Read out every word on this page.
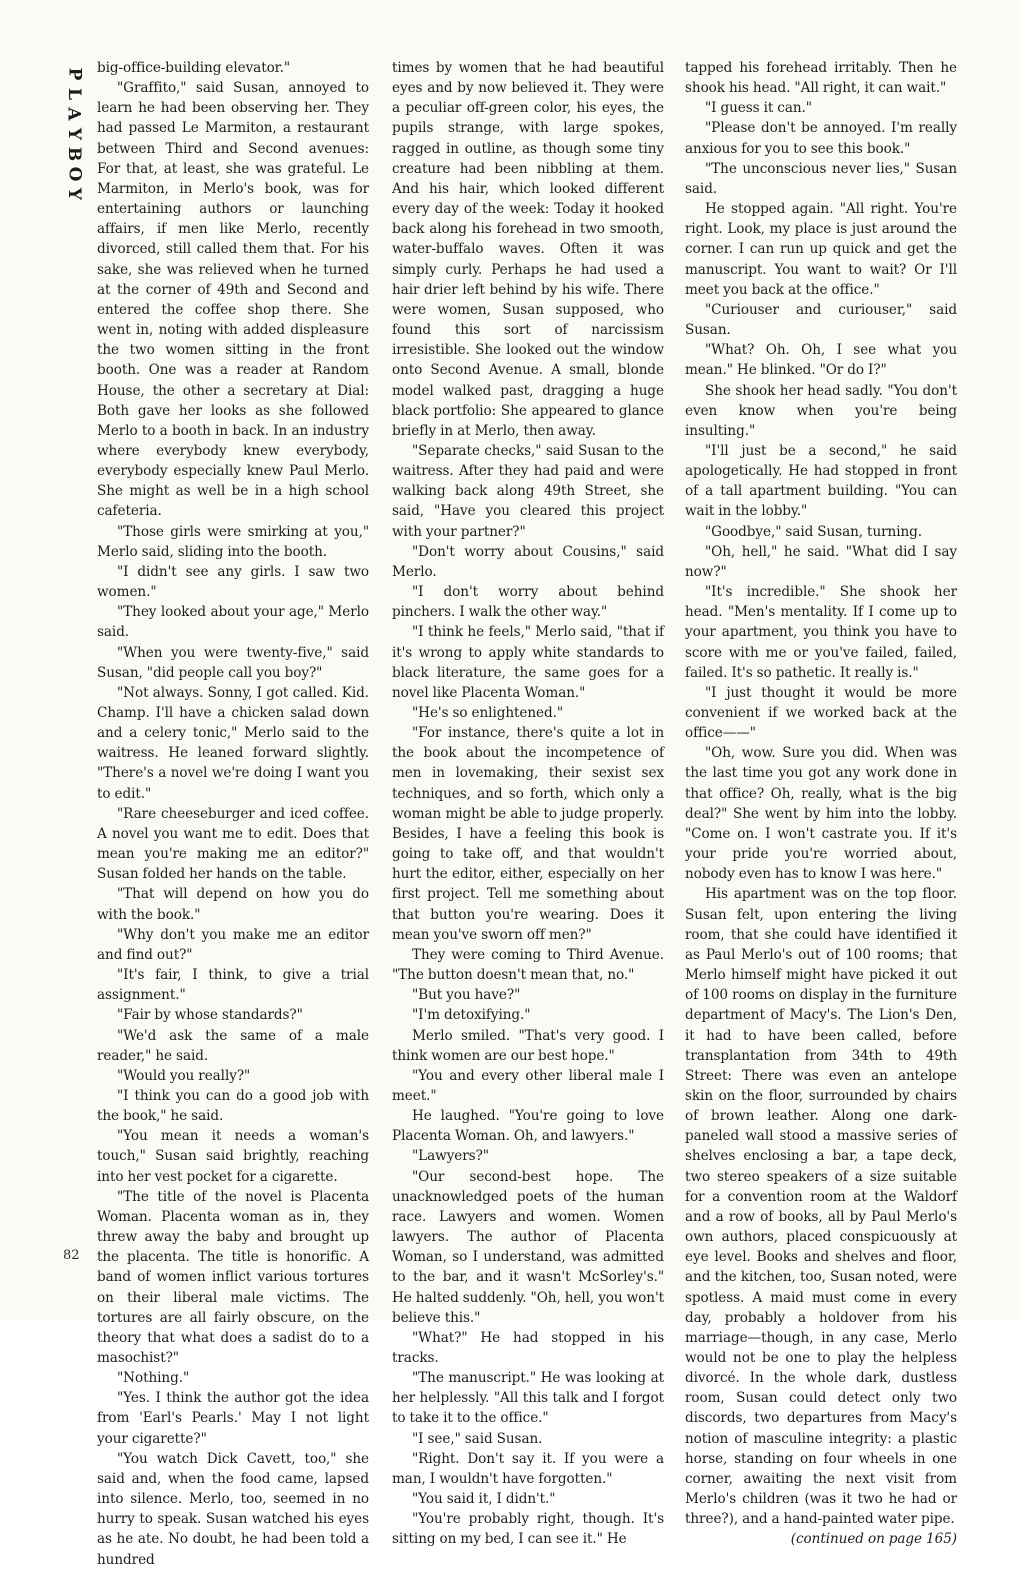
P
L
A
Y
B
O
Y
82

big-office-building elevator."

"Graffito," said Susan, annoyed to learn he had been observing her. They had passed Le Marmiton, a restaurant between Third and Second avenues: For that, at least, she was grateful. Le Marmiton, in Merlo's book, was for entertaining authors or launching affairs, if men like Merlo, recently divorced, still called them that. For his sake, she was relieved when he turned at the corner of 49th and Second and entered the coffee shop there. She went in, noting with added displeasure the two women sitting in the front booth. One was a reader at Random House, the other a secretary at Dial: Both gave her looks as she followed Merlo to a booth in back. In an industry where everybody knew everybody, everybody especially knew Paul Merlo. She might as well be in a high school cafeteria.

"Those girls were smirking at you," Merlo said, sliding into the booth.

"I didn't see any girls. I saw two women."

"They looked about your age," Merlo said.

"When you were twenty-five," said Susan, "did people call you boy?"

"Not always. Sonny, I got called. Kid. Champ. I'll have a chicken salad down and a celery tonic," Merlo said to the waitress. He leaned forward slightly. "There's a novel we're doing I want you to edit."

"Rare cheeseburger and iced coffee. A novel you want me to edit. Does that mean you're making me an editor?" Susan folded her hands on the table.

"That will depend on how you do with the book."

"Why don't you make me an editor and find out?"

"It's fair, I think, to give a trial assignment."

"Fair by whose standards?"

"We'd ask the same of a male reader," he said.

"Would you really?"

"I think you can do a good job with the book," he said.

"You mean it needs a woman's touch," Susan said brightly, reaching into her vest pocket for a cigarette.

"The title of the novel is Placenta Woman. Placenta woman as in, they threw away the baby and brought up the placenta. The title is honorific. A band of women inflict various tortures on their liberal male victims. The tortures are all fairly obscure, on the theory that what does a sadist do to a masochist?"

"Nothing."

"Yes. I think the author got the idea from 'Earl's Pearls.' May I not light your cigarette?"

"You watch Dick Cavett, too," she said and, when the food came, lapsed into silence. Merlo, too, seemed in no hurry to speak. Susan watched his eyes as he ate. No doubt, he had been told a hundred

times by women that he had beautiful eyes and by now believed it. They were a peculiar off-green color, his eyes, the pupils strange, with large spokes, ragged in outline, as though some tiny creature had been nibbling at them. And his hair, which looked different every day of the week: Today it hooked back along his forehead in two smooth, water-buffalo waves. Often it was simply curly. Perhaps he had used a hair drier left behind by his wife. There were women, Susan supposed, who found this sort of narcissism irresistible. She looked out the window onto Second Avenue. A small, blonde model walked past, dragging a huge black portfolio: She appeared to glance briefly in at Merlo, then away.

"Separate checks," said Susan to the waitress. After they had paid and were walking back along 49th Street, she said, "Have you cleared this project with your partner?"

"Don't worry about Cousins," said Merlo.

"I don't worry about behind pinchers. I walk the other way."

"I think he feels," Merlo said, "that if it's wrong to apply white standards to black literature, the same goes for a novel like Placenta Woman."

"He's so enlightened."

"For instance, there's quite a lot in the book about the incompetence of men in lovemaking, their sexist sex techniques, and so forth, which only a woman might be able to judge properly. Besides, I have a feeling this book is going to take off, and that wouldn't hurt the editor, either, especially on her first project. Tell me something about that button you're wearing. Does it mean you've sworn off men?"

They were coming to Third Avenue. "The button doesn't mean that, no."

"But you have?"

"I'm detoxifying."

Merlo smiled. "That's very good. I think women are our best hope."

"You and every other liberal male I meet."

He laughed. "You're going to love Placenta Woman. Oh, and lawyers."

"Lawyers?"

"Our second-best hope. The unacknowledged poets of the human race. Lawyers and women. Women lawyers. The author of Placenta Woman, so I understand, was admitted to the bar, and it wasn't McSorley's." He halted suddenly. "Oh, hell, you won't believe this."

"What?" He had stopped in his tracks.

"The manuscript." He was looking at her helplessly. "All this talk and I forgot to take it to the office."

"I see," said Susan.

"Right. Don't say it. If you were a man, I wouldn't have forgotten."

"You said it, I didn't."

"You're probably right, though. It's sitting on my bed, I can see it." He

tapped his forehead irritably. Then he shook his head. "All right, it can wait."

"I guess it can."

"Please don't be annoyed. I'm really anxious for you to see this book."

"The unconscious never lies," Susan said.

He stopped again. "All right. You're right. Look, my place is just around the corner. I can run up quick and get the manuscript. You want to wait? Or I'll meet you back at the office."

"Curiouser and curiouser," said Susan.

"What? Oh. Oh, I see what you mean." He blinked. "Or do I?"

She shook her head sadly. "You don't even know when you're being insulting."

"I'll just be a second," he said apologetically. He had stopped in front of a tall apartment building. "You can wait in the lobby."

"Goodbye," said Susan, turning.

"Oh, hell," he said. "What did I say now?"

"It's incredible." She shook her head. "Men's mentality. If I come up to your apartment, you think you have to score with me or you've failed, failed, failed. It's so pathetic. It really is."

"I just thought it would be more convenient if we worked back at the office——"

"Oh, wow. Sure you did. When was the last time you got any work done in that office? Oh, really, what is the big deal?" She went by him into the lobby. "Come on. I won't castrate you. If it's your pride you're worried about, nobody even has to know I was here."

His apartment was on the top floor. Susan felt, upon entering the living room, that she could have identified it as Paul Merlo's out of 100 rooms; that Merlo himself might have picked it out of 100 rooms on display in the furniture department of Macy's. The Lion's Den, it had to have been called, before transplantation from 34th to 49th Street: There was even an antelope skin on the floor, surrounded by chairs of brown leather. Along one dark-paneled wall stood a massive series of shelves enclosing a bar, a tape deck, two stereo speakers of a size suitable for a convention room at the Waldorf and a row of books, all by Paul Merlo's own authors, placed conspicuously at eye level. Books and shelves and floor, and the kitchen, too, Susan noted, were spotless. A maid must come in every day, probably a holdover from his marriage—though, in any case, Merlo would not be one to play the helpless divorcé. In the whole dark, dustless room, Susan could detect only two discords, two departures from Macy's notion of masculine integrity: a plastic horse, standing on four wheels in one corner, awaiting the next visit from Merlo's children (was it two he had or three?), and a hand-painted water pipe.

(continued on page 165)
